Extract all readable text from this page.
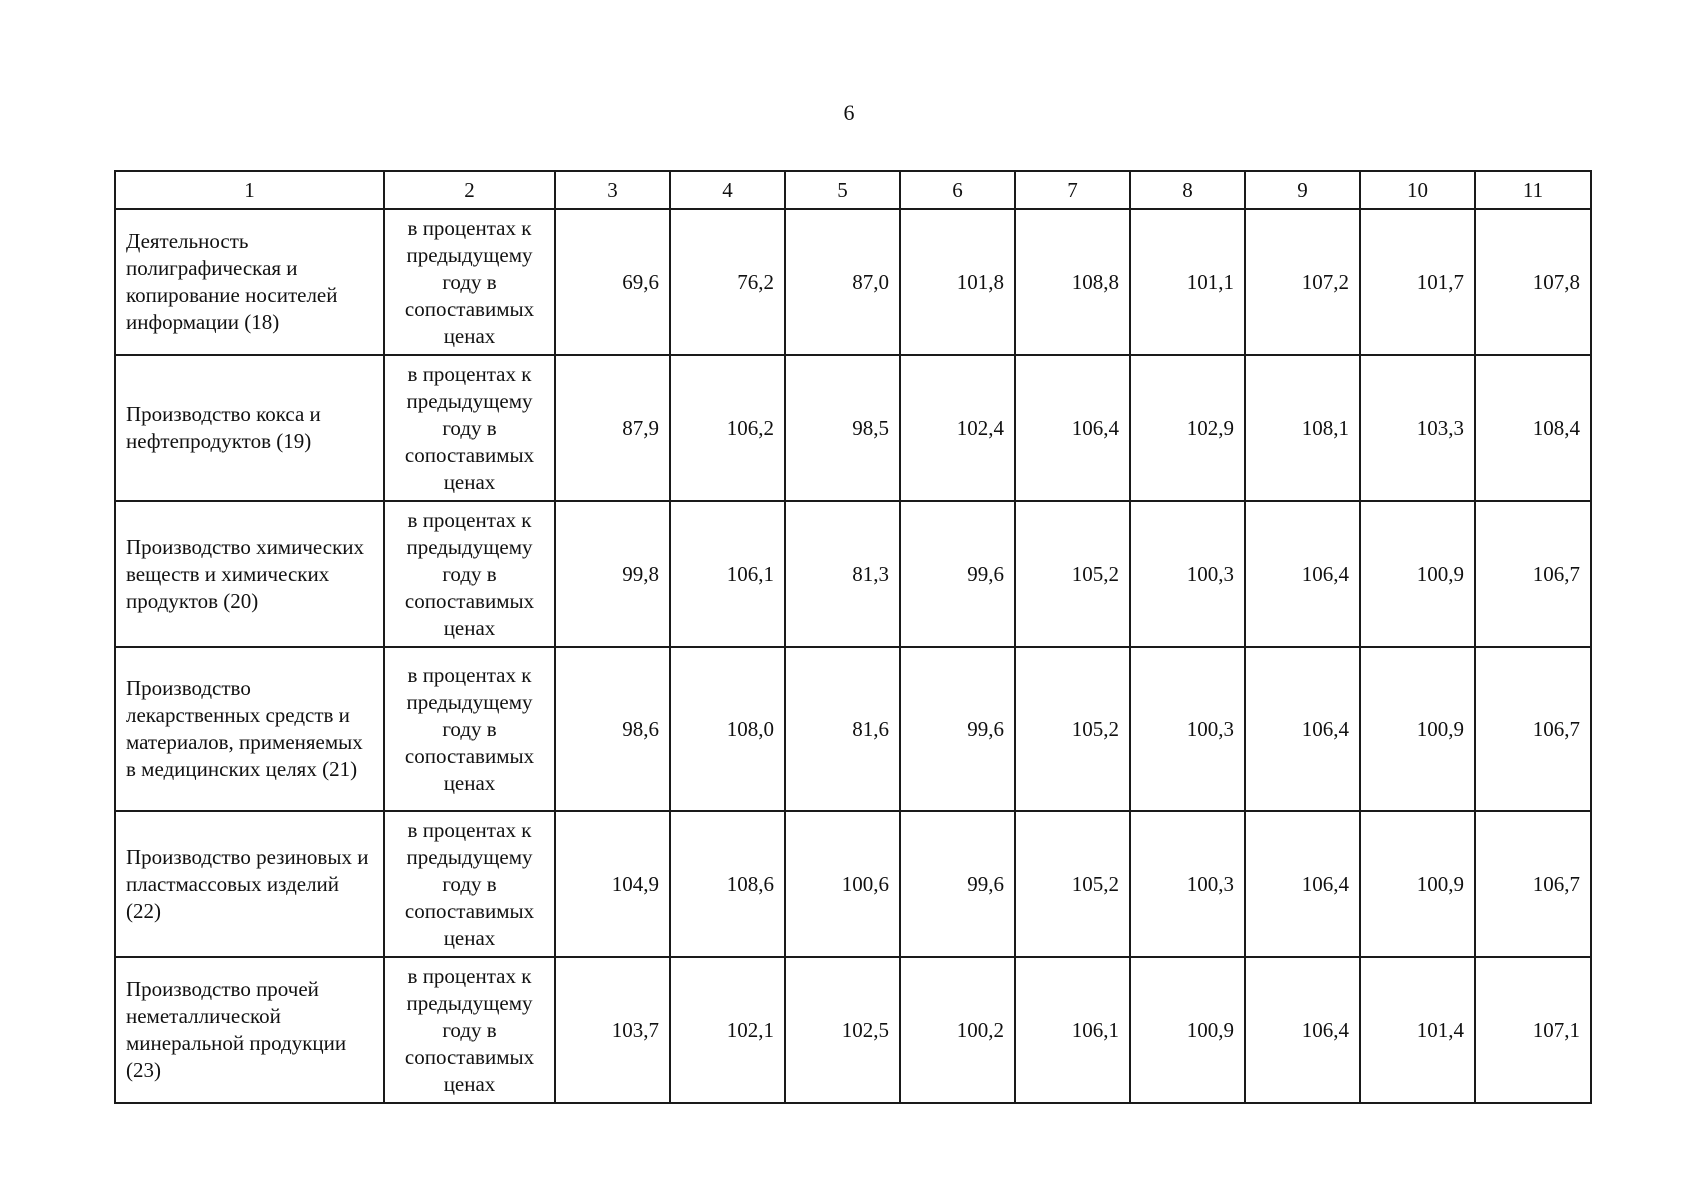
6
1	2	3	4	5	6	7	8	9	10	11
Деятельность полиграфическая и копирование носителей информации (18)	в процентах к предыдущему году в сопоставимых ценах	69,6	76,2	87,0	101,8	108,8	101,1	107,2	101,7	107,8
Производство кокса и нефтепродуктов (19)	в процентах к предыдущему году в сопоставимых ценах	87,9	106,2	98,5	102,4	106,4	102,9	108,1	103,3	108,4
Производство химических веществ и химических продуктов (20)	в процентах к предыдущему году в сопоставимых ценах	99,8	106,1	81,3	99,6	105,2	100,3	106,4	100,9	106,7
Производство лекарственных средств и материалов, применяемых в медицинских целях (21)	в процентах к предыдущему году в сопоставимых ценах	98,6	108,0	81,6	99,6	105,2	100,3	106,4	100,9	106,7
Производство резиновых и пластмассовых изделий (22)	в процентах к предыдущему году в сопоставимых ценах	104,9	108,6	100,6	99,6	105,2	100,3	106,4	100,9	106,7
Производство прочей неметаллической минеральной продукции (23)	в процентах к предыдущему году в сопоставимых ценах	103,7	102,1	102,5	100,2	106,1	100,9	106,4	101,4	107,1
